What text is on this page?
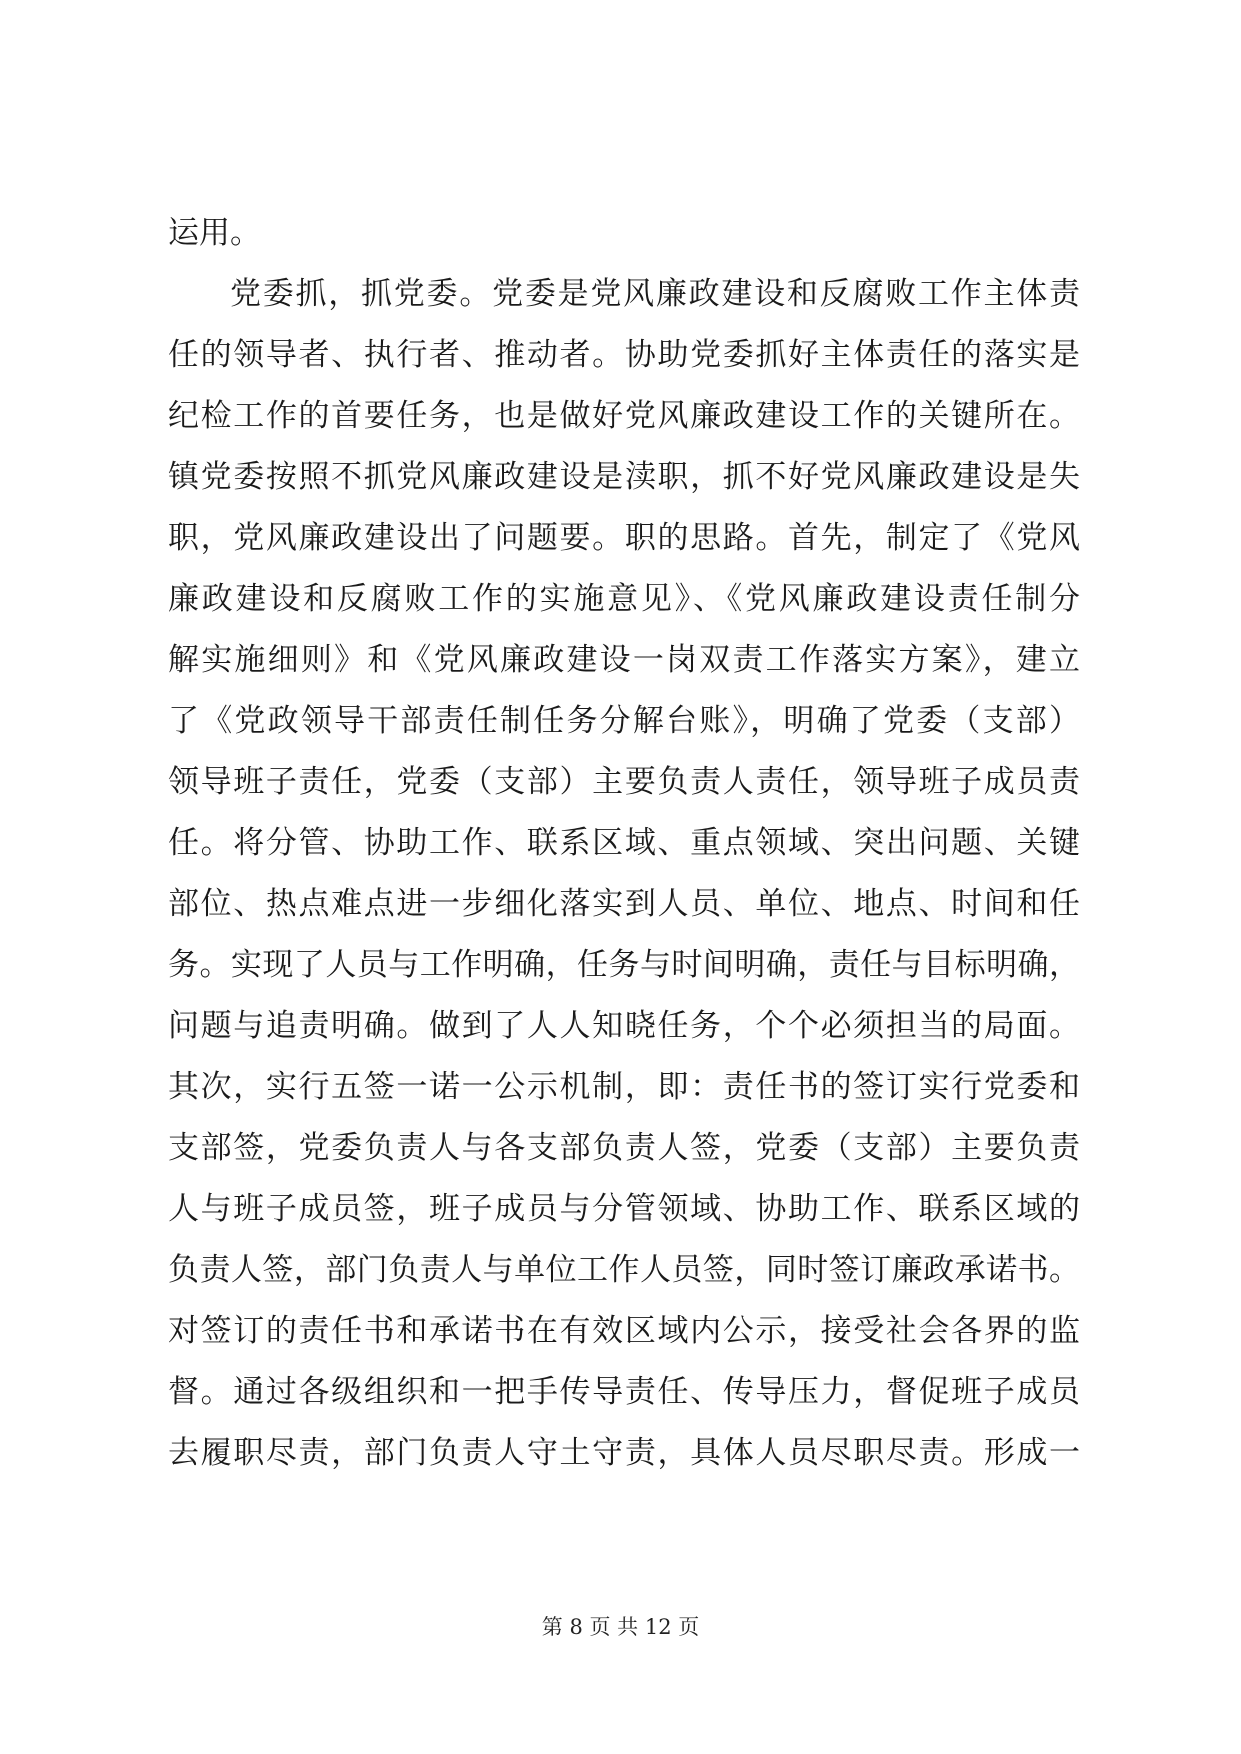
运用。
党委抓，抓党委。党委是党风廉政建设和反腐败工作主体责
任的领导者、执行者、推动者。协助党委抓好主体责任的落实是
纪检工作的首要任务，也是做好党风廉政建设工作的关键所在。
镇党委按照不抓党风廉政建设是渎职，抓不好党风廉政建设是失
职，党风廉政建设出了问题要。职的思路。首先，制定了《党风
廉政建设和反腐败工作的实施意见》、《党风廉政建设责任制分
解实施细则》和《党风廉政建设一岗双责工作落实方案》，建立
了《党政领导干部责任制任务分解台账》，明确了党委（支部）
领导班子责任，党委（支部）主要负责人责任，领导班子成员责
任。将分管、协助工作、联系区域、重点领域、突出问题、关键
部位、热点难点进一步细化落实到人员、单位、地点、时间和任
务。实现了人员与工作明确，任务与时间明确，责任与目标明确，
问题与追责明确。做到了人人知晓任务，个个必须担当的局面。
其次，实行五签一诺一公示机制，即：责任书的签订实行党委和
支部签，党委负责人与各支部负责人签，党委（支部）主要负责
人与班子成员签，班子成员与分管领域、协助工作、联系区域的
负责人签，部门负责人与单位工作人员签，同时签订廉政承诺书。
对签订的责任书和承诺书在有效区域内公示，接受社会各界的监
督。通过各级组织和一把手传导责任、传导压力，督促班子成员
去履职尽责，部门负责人守土守责，具体人员尽职尽责。形成一
第 8 页 共 12 页
